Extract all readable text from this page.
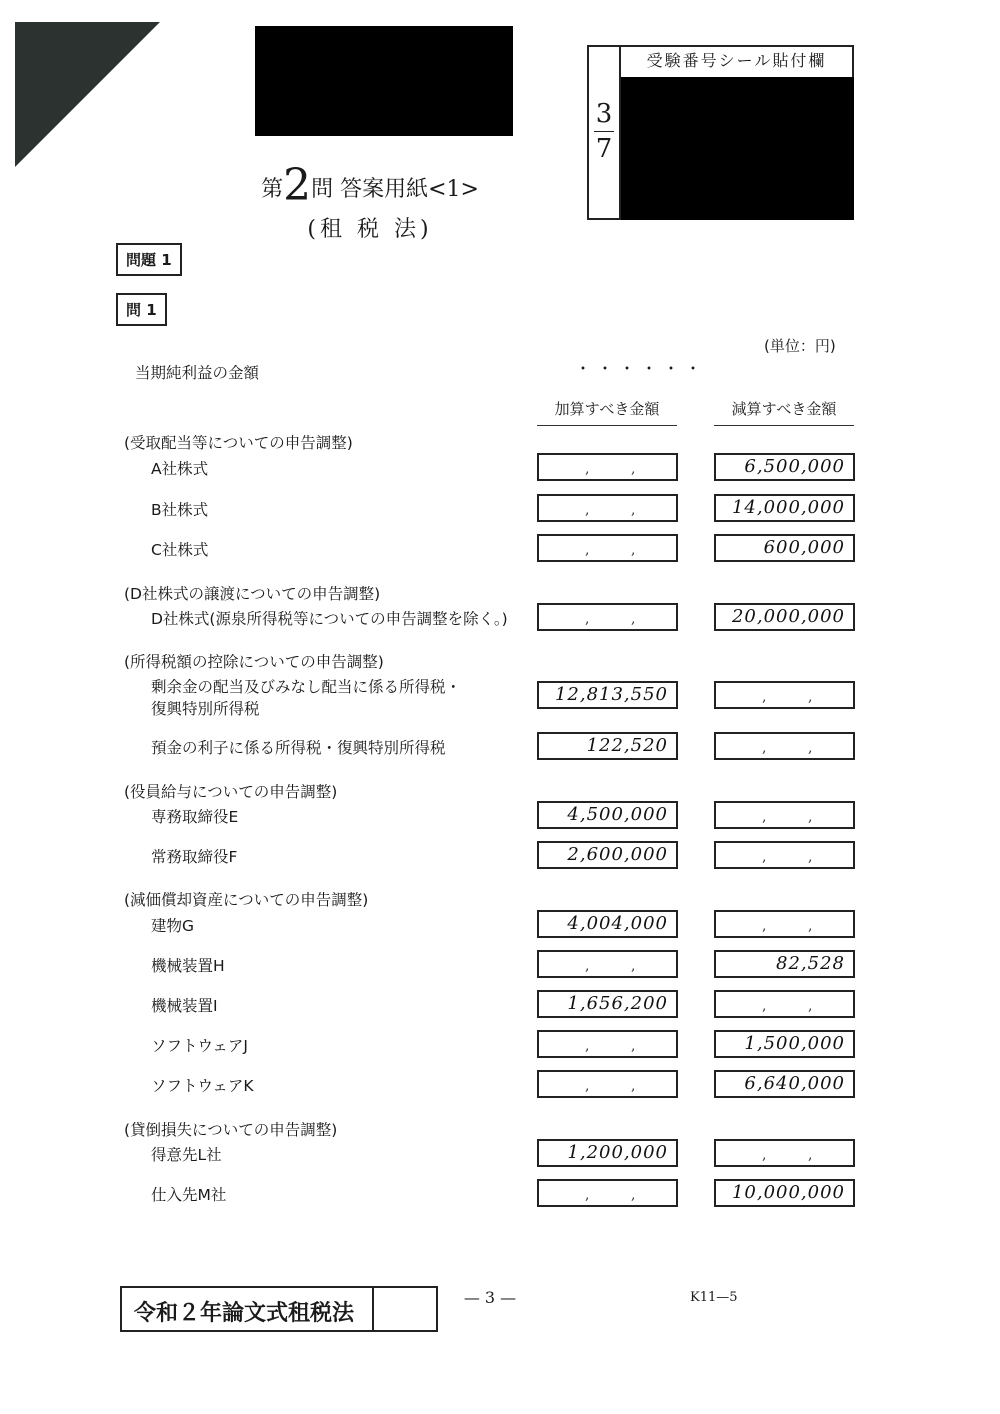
受験番号シール貼付欄
3
7
第2問 答案用紙<1>
(租 税 法)
問題 1
問 1
(単位：円)
当期純利益の金額	・・・・・・
加算すべき金額	減算すべき金額
(受取配当等についての申告調整)
A社株式	,	,	6,500,000
B社株式	,	,	14,000,000
C社株式	,	,	600,000
(D社株式の譲渡についての申告調整)
D社株式(源泉所得税等についての申告調整を除く。)	,	,	20,000,000
(所得税額の控除についての申告調整)
剰余金の配当及びみなし配当に係る所得税・
復興特別所得税
12,813,550	,	,
預金の利子に係る所得税・復興特別所得税	122,520	,	,
(役員給与についての申告調整)
専務取締役E	4,500,000	,	,
常務取締役F	2,600,000	,	,
(減価償却資産についての申告調整)
建物G	4,004,000	,	,
機械装置H	,	,	82,528
機械装置I	1,656,200	,	,
ソフトウェアJ	,	,	1,500,000
ソフトウェアK	,	,	6,640,000
(貸倒損失についての申告調整)
得意先L社	1,200,000	,	,
仕入先M社	,	,	10,000,000
令和２年論文式租税法
— 3 —	K11—5
